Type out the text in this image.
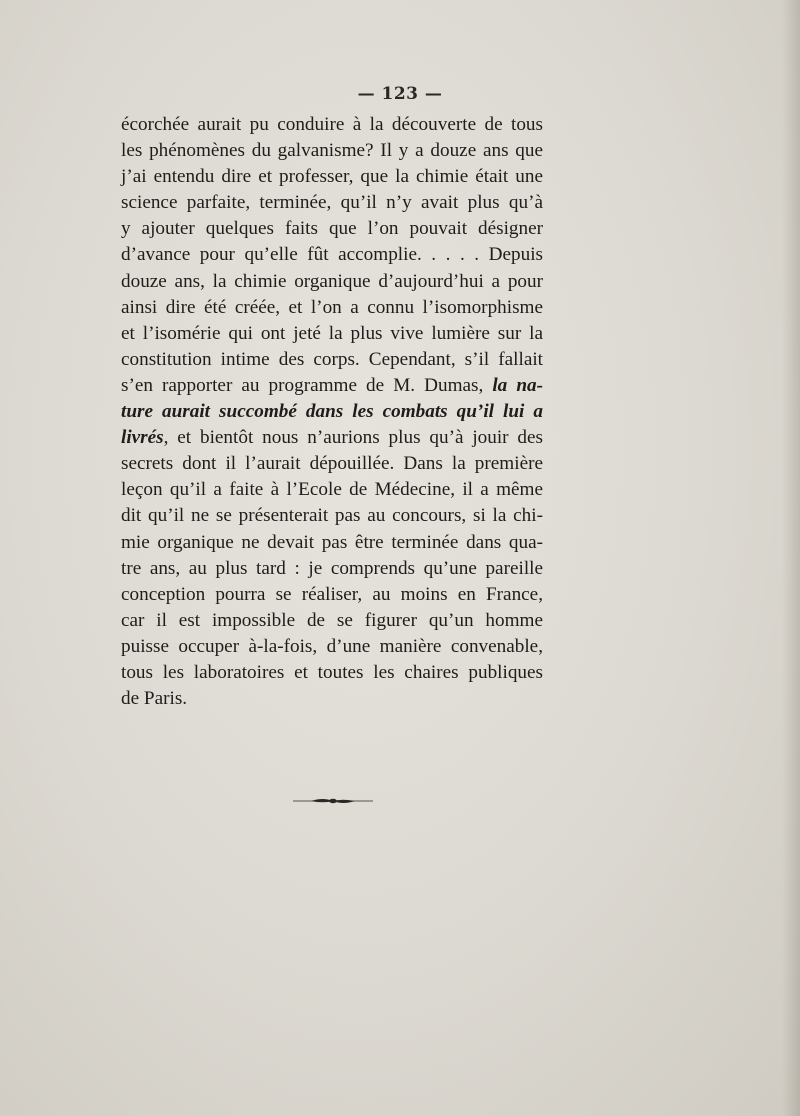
— 123 —
écorchée aurait pu conduire à la découverte de tous
les phénomènes du galvanisme? Il y a douze ans que
j’ai entendu dire et professer, que la chimie était une
science parfaite, terminée, qu’il n’y avait plus qu’à
y ajouter quelques faits que l’on pouvait désigner
d’avance pour qu’elle fût accomplie. . . . . Depuis
douze ans, la chimie organique d’aujourd’hui a pour
ainsi dire été créée, et l’on a connu l’isomorphisme
et l’isomérie qui ont jeté la plus vive lumière sur la
constitution intime des corps. Cependant, s’il fallait
s’en rapporter au programme de M. Dumas, la na-
ture aurait succombé dans les combats qu’il lui a
livrés, et bientôt nous n’aurions plus qu’à jouir des
secrets dont il l’aurait dépouillée. Dans la première
leçon qu’il a faite à l’Ecole de Médecine, il a même
dit qu’il ne se présenterait pas au concours, si la chi-
mie organique ne devait pas être terminée dans qua-
tre ans, au plus tard : je comprends qu’une pareille
conception pourra se réaliser, au moins en France,
car il est impossible de se figurer qu’un homme
puisse occuper à-la-fois, d’une manière convenable,
tous les laboratoires et toutes les chaires publiques
de Paris.
